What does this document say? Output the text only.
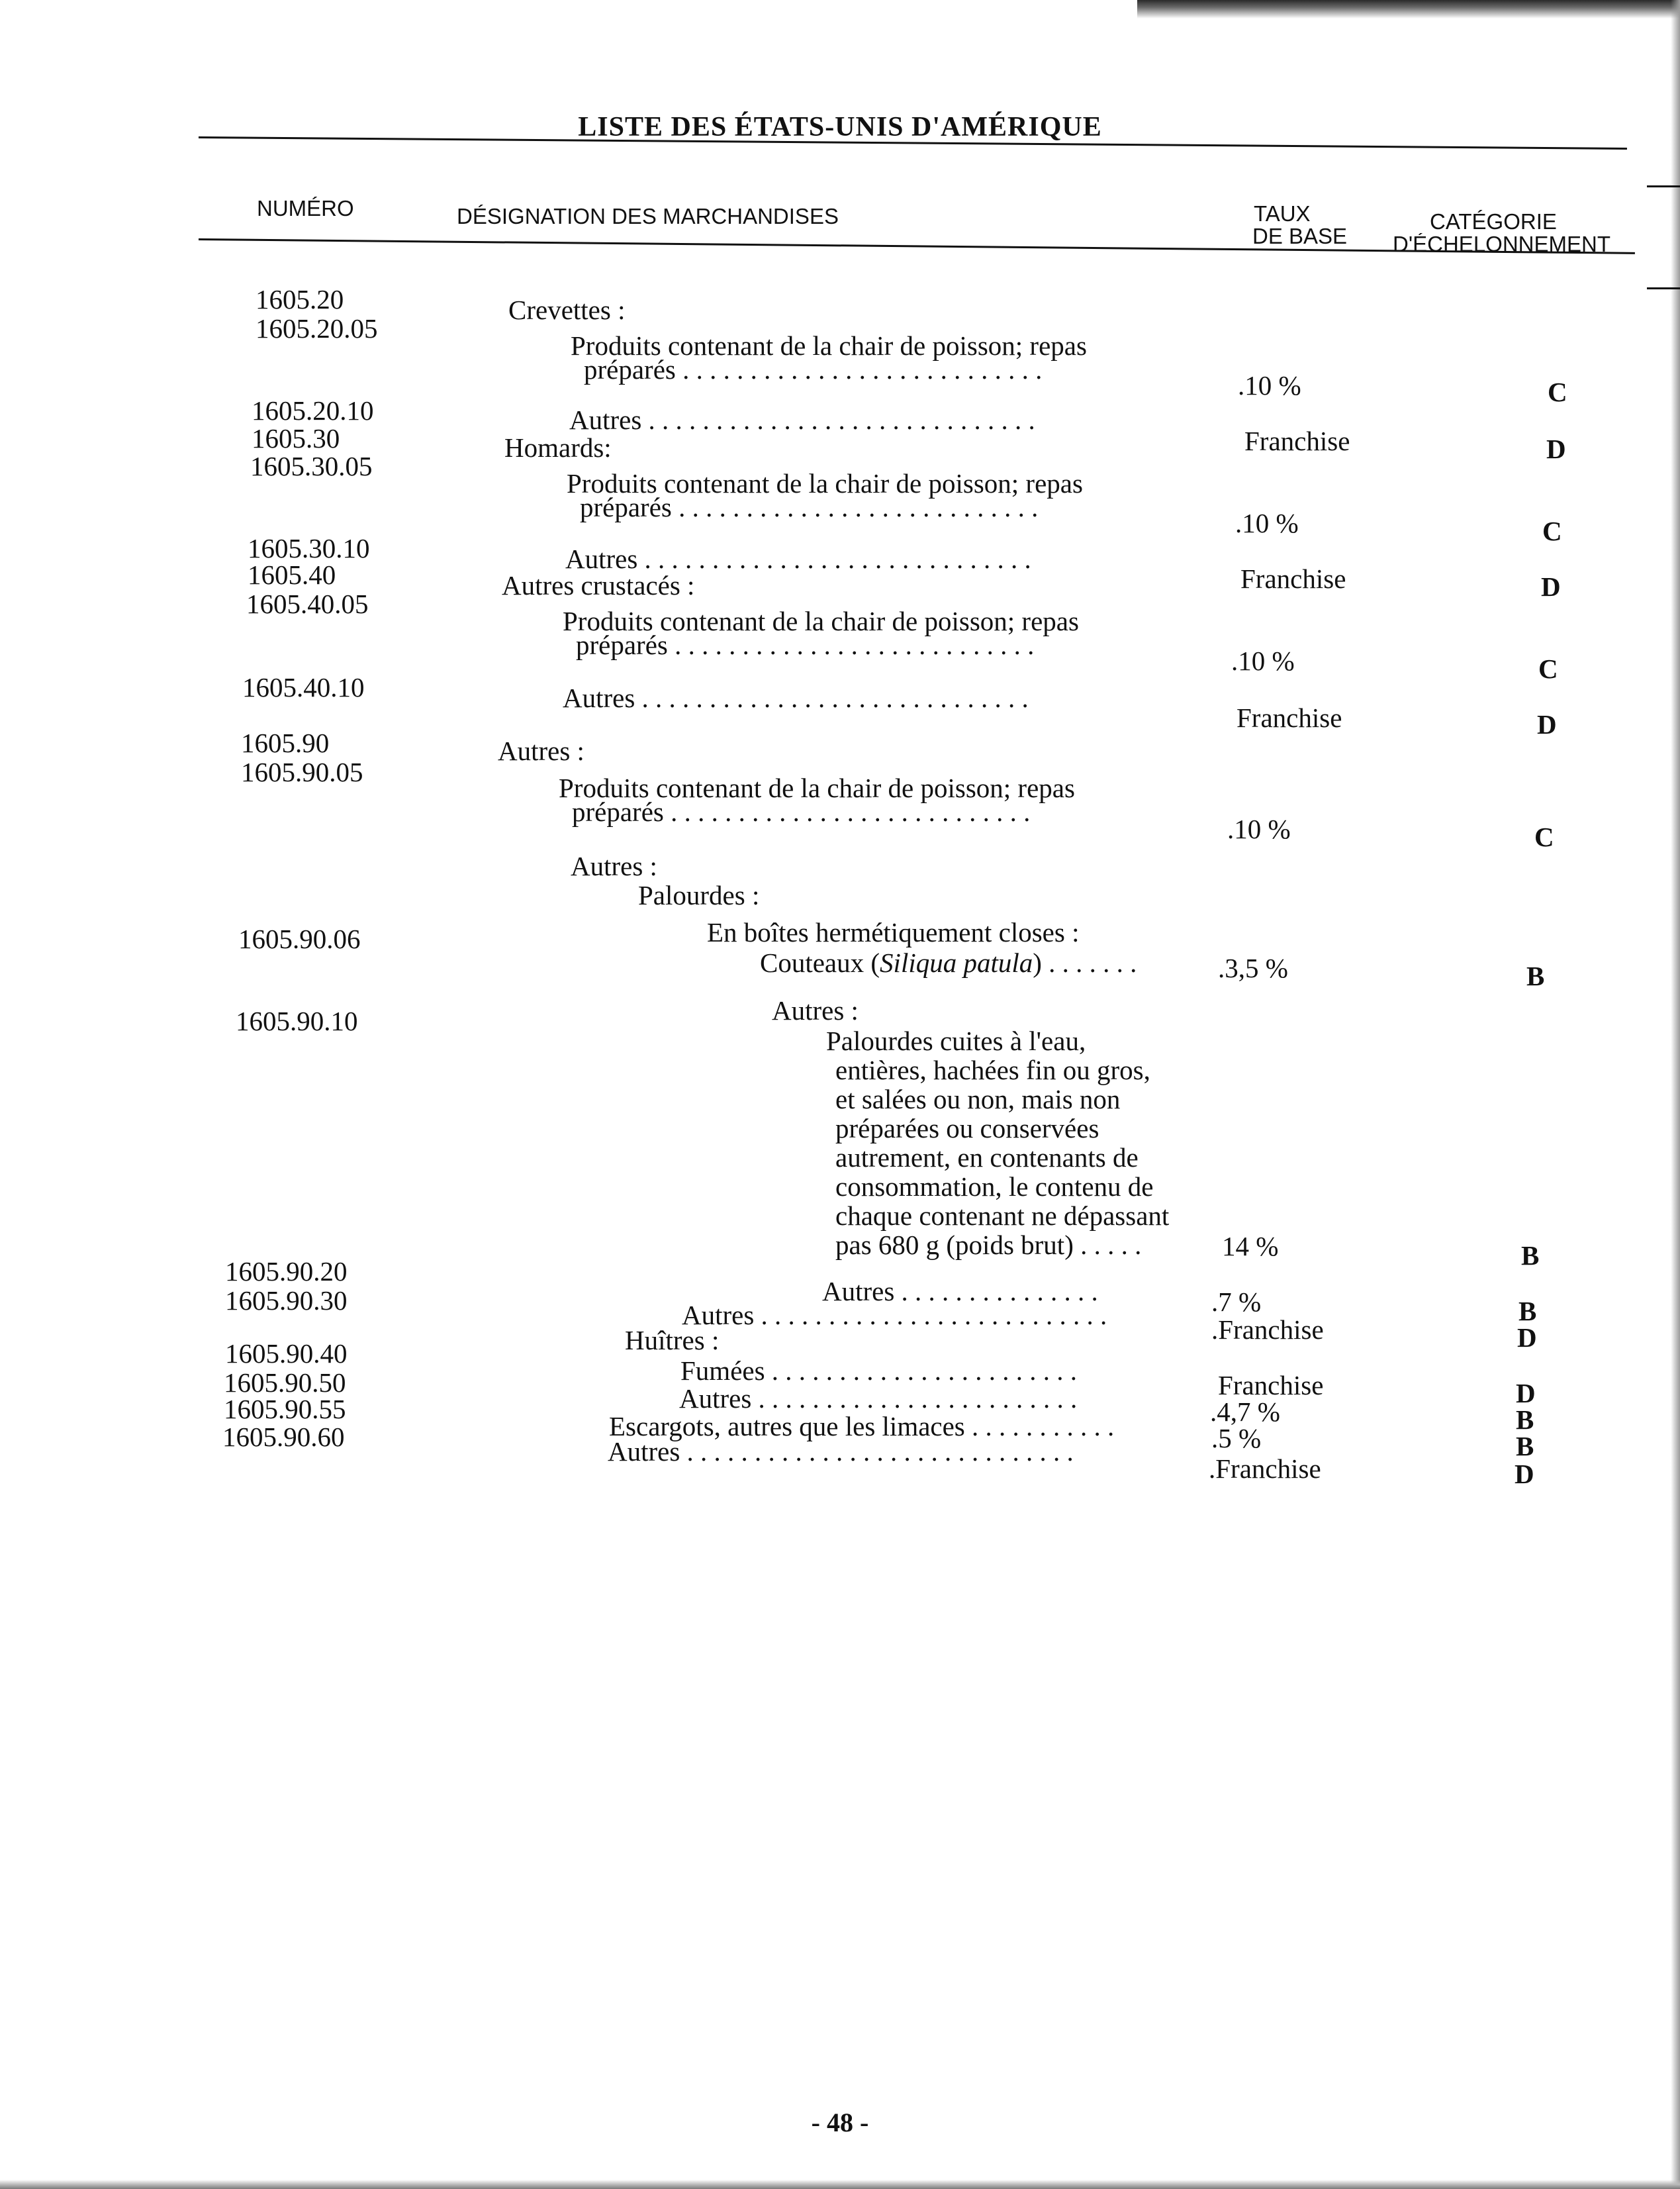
LISTE DES ÉTATS-UNIS D'AMÉRIQUE
NUMÉRO	DÉSIGNATION DES MARCHANDISES	TAUX
DE BASE
CATÉGORIE
D'ÉCHELONNEMENT
1605.20
1605.20.05
1605.20.10
1605.30
1605.30.05
1605.30.10
1605.40
1605.40.05
1605.40.10
1605.90
1605.90.05
1605.90.06
1605.90.10
1605.90.20
1605.90.30
1605.90.40
1605.90.50
1605.90.55
1605.90.60
Crevettes :
Produits contenant de la chair de poisson; repas
préparés . . . . . . . . . . . . . . . . . . . . . . . . . . .
Autres . . . . . . . . . . . . . . . . . . . . . . . . . . . . .
Homards:
Produits contenant de la chair de poisson; repas
préparés . . . . . . . . . . . . . . . . . . . . . . . . . . .
Autres . . . . . . . . . . . . . . . . . . . . . . . . . . . . .
Autres crustacés :
Produits contenant de la chair de poisson; repas
préparés . . . . . . . . . . . . . . . . . . . . . . . . . . .
Autres . . . . . . . . . . . . . . . . . . . . . . . . . . . . .
Autres :
Produits contenant de la chair de poisson; repas
préparés . . . . . . . . . . . . . . . . . . . . . . . . . . .
Autres :
Palourdes :
En boîtes hermétiquement closes :
Couteaux (Siliqua patula) . . . . . . .
Autres :
Palourdes cuites à l'eau,
entières, hachées fin ou gros,
et salées ou non, mais non
préparées ou conservées
autrement, en contenants de
consommation, le contenu de
chaque contenant ne dépassant
pas 680 g (poids brut) . . . . .
Autres . . . . . . . . . . . . . . .
Autres . . . . . . . . . . . . . . . . . . . . . . . . . .
Huîtres :
Fumées . . . . . . . . . . . . . . . . . . . . . . .
Autres . . . . . . . . . . . . . . . . . . . . . . . .
Escargots, autres que les limaces . . . . . . . . . . .
Autres . . . . . . . . . . . . . . . . . . . . . . . . . . . . .
.10 %
Franchise
.10 %
Franchise
.10 %
Franchise
.10 %
.3,5 %
14 %
.7 %
.Franchise
Franchise
.4,7 %
.5 %
.Franchise
C
D
C
D
C
D
C
B
B
B
D
D
B
B
D
- 48 -
